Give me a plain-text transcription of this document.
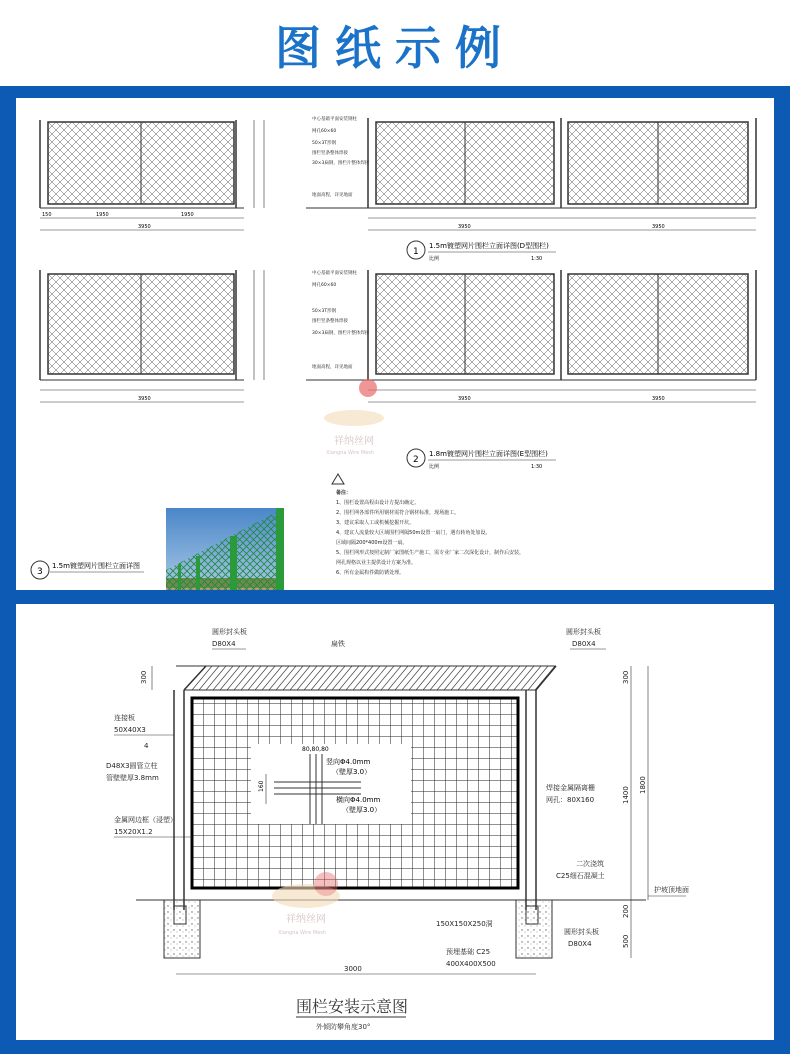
图纸示例
1950	1950
3950
150
中心基础平面安装钢柱
网孔60×60
50×3T形钢
围栏竖条整体焊接
30×3扁钢，围栏片整体焊接
地面高程，详见地面
3950	3950
1
1.5m镀塑网片围栏立面详图(D型围栏)
比例	1:30
3950
中心基础平面安装钢柱
网孔60×60
50×3T形钢
围栏竖条整体焊接
30×3扁钢，围栏片整体焊接
地面高程，详见地面
3950	3950
祥纳丝网
Xiangna Wire Mesh
2
1.8m镀塑网片围栏立面详图(E型围栏)
比例	1:30
备注：
1、围栏设置高程由设计方提出确定。
2、围栏网各部件所用钢材需符合钢材标准，现场施工。
3、建议采取人工或机械挖掘开坑。
4、建议人流量较大区域围栏网隔50m设置一扇门，遇有转角处加设。
区域间隔200*400m设置一扇。
5、围栏网形式按照定制厂家图纸生产施工，需专业厂家二次深化设计，制作后安装，
网孔规格以业主提供设计方案为准。
6、所有金属构件做防锈处理。
3
1.5m镀塑网片围栏立面详图
80,80,80
160
竖向Φ4.0mm
（壁厚3.0）
横向Φ4.0mm
（壁厚3.0）
连接板
50X40X3
4
D48X3圆管立柱
管壁壁厚3.8mm
金属网边框（浸塑）
15X20X1.2
圆形封头板
D80X4	扁铁
圆形封头板
D80X4
焊接金属隔离栅
网孔：80X160
二次浇筑
C25细石混凝土
护坡顶地面
150X150X250洞
预埋基础 C25
400X400X500
圆形封头板
D80X4
300	300
1400
1800
200
500
3000
祥纳丝网
Xiangna Wire Mesh
围栏安装示意图
外倾防攀角度30°
